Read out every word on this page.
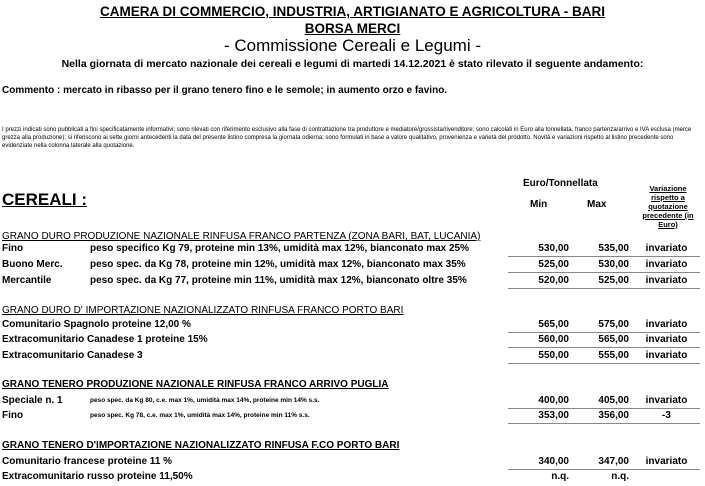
CAMERA DI COMMERCIO, INDUSTRIA, ARTIGIANATO E AGRICOLTURA - BARI
BORSA MERCI
- Commissione Cereali e Legumi -
Nella giornata di mercato nazionale dei cereali e legumi di martedi 14.12.2021 è stato rilevato il seguente andamento:
Commento : mercato in ribasso per il grano tenero fino e le semole; in aumento orzo e favino.
I prezzi indicati sono pubblicati a fini specificatamente informativi; sono rilevati con riferimento esclusivo alla fase di contrattazione tra produttore e mediatore/grossista/rivenditore; sono calcolati in Euro alla tonnellata, franco partenza/arrivo e IVA esclusa (merce grezza alla produzione); si riferiscono ai sette giorni antecedenti la data del presente listino compresa la giornata odierna; sono formulati in base a valore qualitativo, provenienza e varietà del prodotto. Novità e variazioni rispetto al listino precedente sono evidenziate nella colonna laterale alla quotazione.
CEREALI :
Euro/Tonnellata
Min	Max
Variazione rispetto a quotazione precedente (in Euro)
GRANO DURO PRODUZIONE NAZIONALE RINFUSA FRANCO PARTENZA (ZONA BARI, BAT, LUCANIA)
Fino	peso specifico Kg 79, proteine min 13%, umidità max 12%, bianconato max 25%	530,00	535,00	invariato
Buono Merc.	peso spec. da Kg 78, proteine min 12%, umidità max 12%, bianconato max 35%	525,00	530,00	invariato
Mercantile	peso spec. da Kg 77, proteine min 11%, umidità max 12%, bianconato oltre 35%	520,00	525,00	invariato
GRANO DURO D' IMPORTAZIONE NAZIONALIZZATO RINFUSA FRANCO PORTO BARI
Comunitario Spagnolo proteine 12,00 %	565,00	575,00	invariato
Extracomunitario Canadese 1 proteine 15%	560,00	565,00	invariato
Extracomunitario Canadese 3	550,00	555,00	invariato
GRANO TENERO PRODUZIONE NAZIONALE RINFUSA FRANCO ARRIVO PUGLIA
Speciale n. 1	peso spec. da Kg 80, c.e. max 1%, umidità max 14%, proteine min 14% s.s.	400,00	405,00	invariato
Fino	peso spec. Kg 78, c.e. max 1%, umidità max 14%, proteine min 11% s.s.	353,00	356,00	-3
GRANO TENERO D'IMPORTAZIONE NAZIONALIZZATO RINFUSA F.CO PORTO BARI
Comunitario francese proteine 11 %	340,00	347,00	invariato
Extracomunitario russo proteine 11,50%	n.q.	n.q.
